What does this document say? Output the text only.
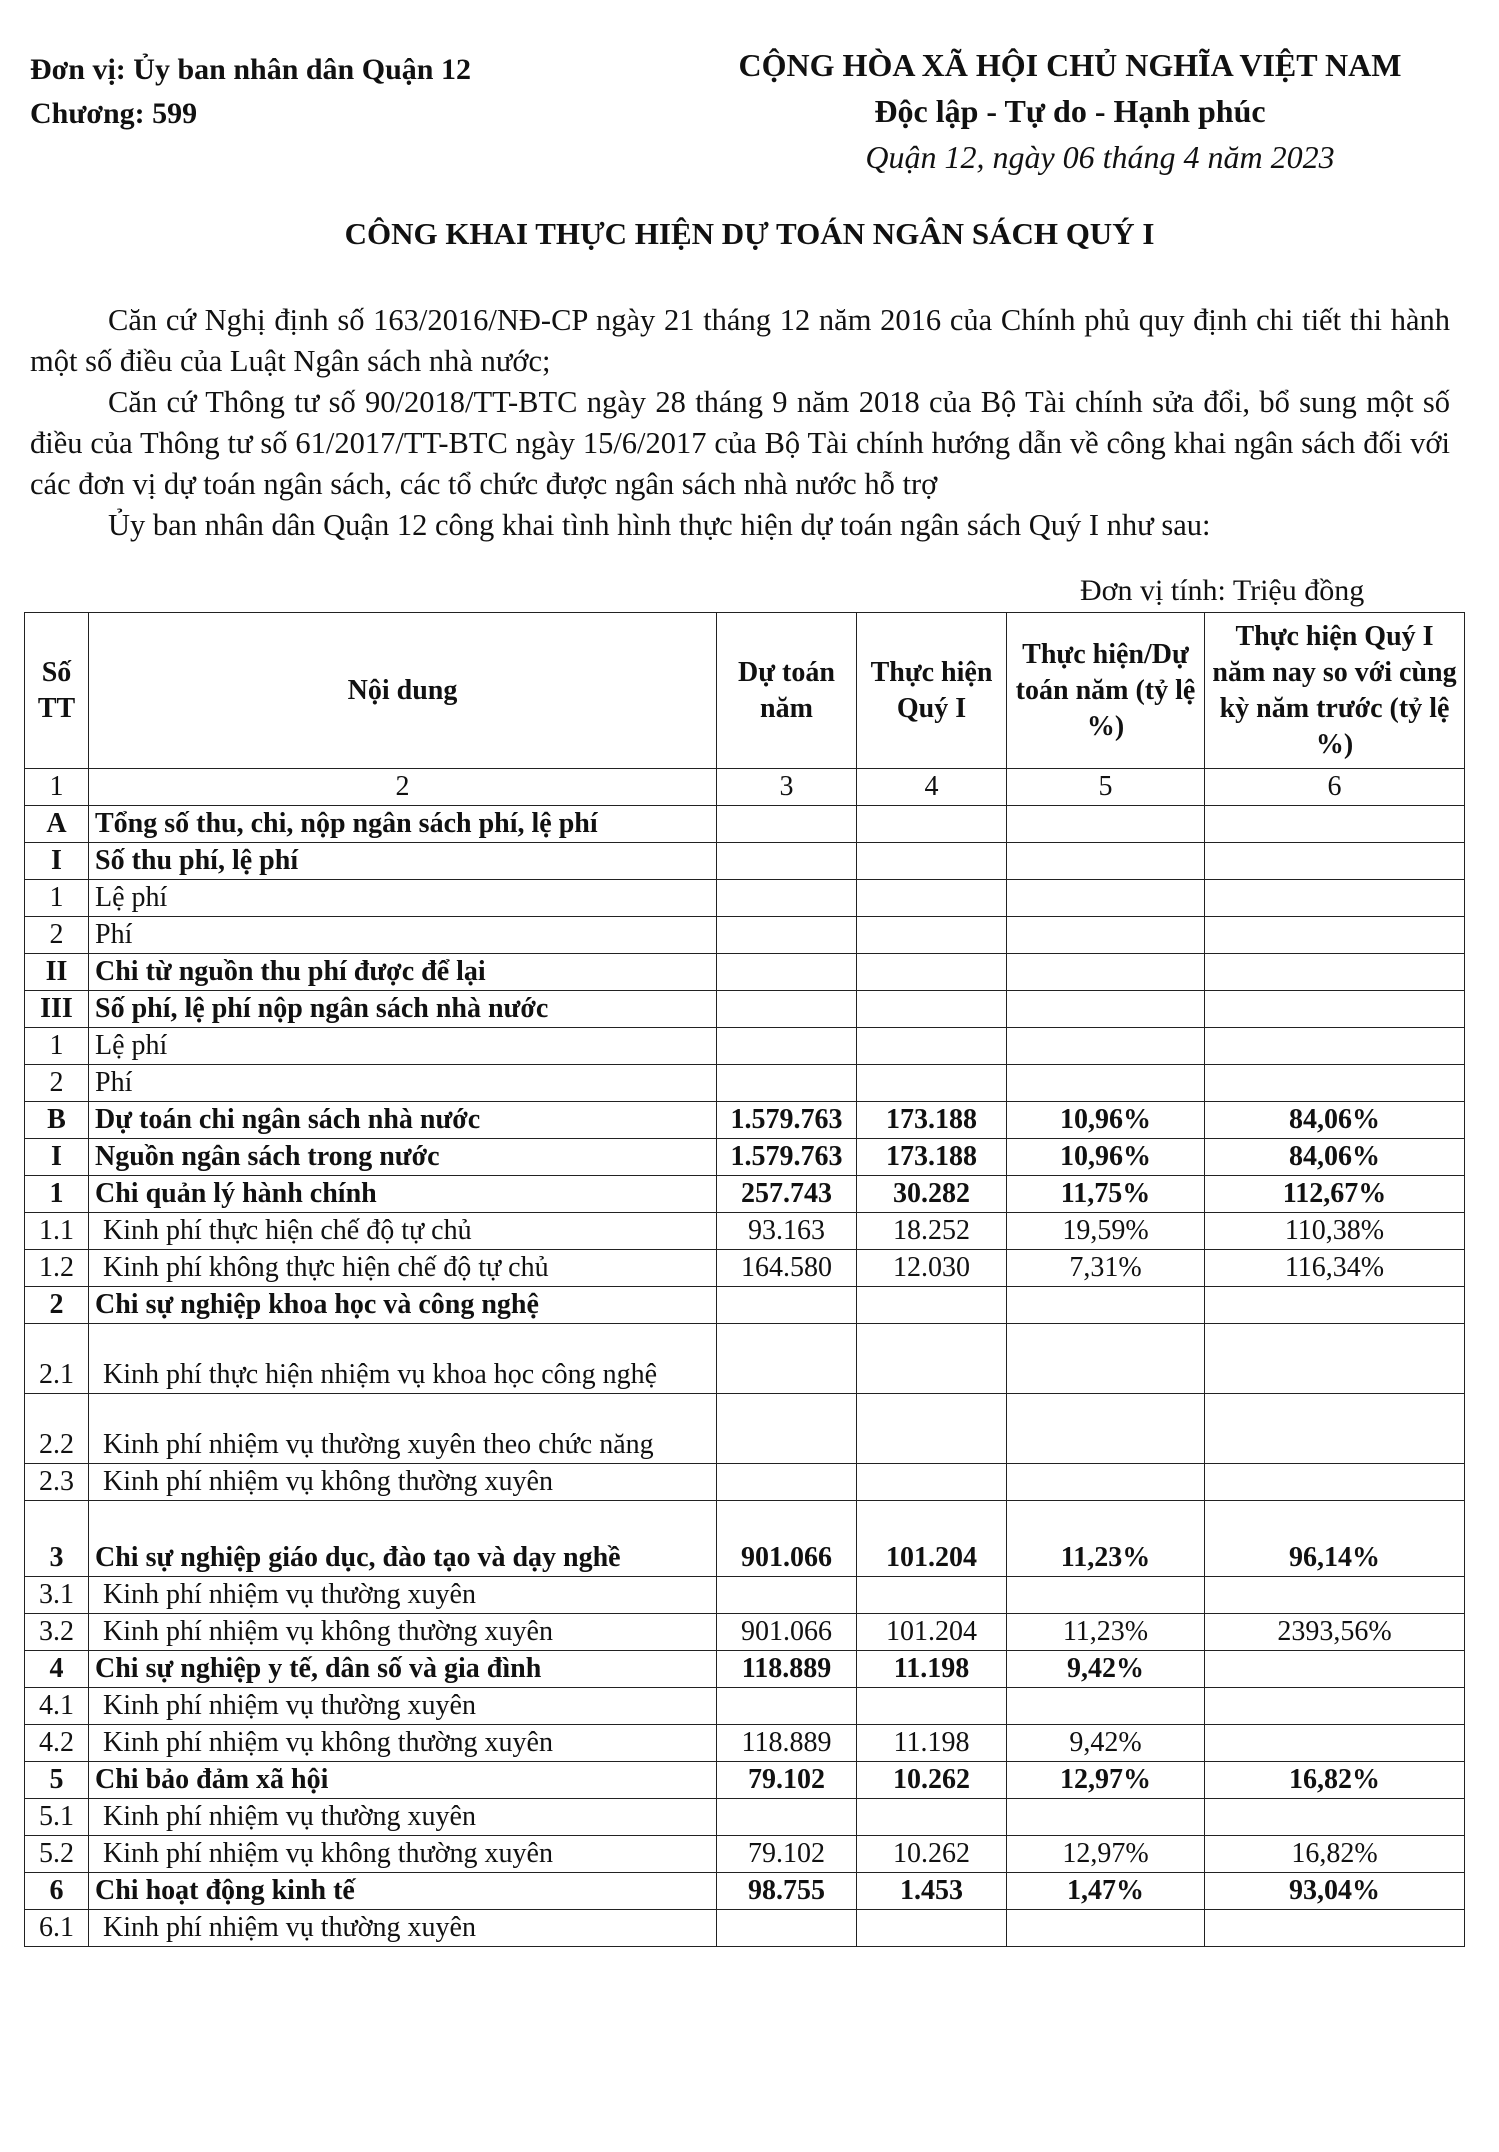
Đơn vị: Ủy ban nhân dân Quận 12
Chương: 599
CỘNG HÒA XÃ HỘI CHỦ NGHĨA VIỆT NAM
Độc lập - Tự do - Hạnh phúc
Quận 12, ngày 06 tháng 4 năm 2023
CÔNG KHAI THỰC HIỆN DỰ TOÁN NGÂN SÁCH QUÝ I
Căn cứ Nghị định số 163/2016/NĐ-CP ngày 21 tháng 12 năm 2016 của Chính phủ quy định chi tiết thi hành một số điều của Luật Ngân sách nhà nước;
Căn cứ Thông tư số 90/2018/TT-BTC ngày 28 tháng 9 năm 2018 của Bộ Tài chính sửa đổi, bổ sung một số điều của Thông tư số 61/2017/TT-BTC ngày 15/6/2017 của Bộ Tài chính hướng dẫn về công khai ngân sách đối với các đơn vị dự toán ngân sách, các tổ chức được ngân sách nhà nước hỗ trợ
Ủy ban nhân dân Quận 12 công khai tình hình thực hiện dự toán ngân sách Quý I như sau:
Đơn vị tính: Triệu đồng
Số TT	Nội dung	Dự toán năm	Thực hiện Quý I	Thực hiện/Dự toán năm (tỷ lệ %)	Thực hiện Quý I năm nay so với cùng kỳ năm trước (tỷ lệ %)
1	2	3	4	5	6
A	Tổng số thu, chi, nộp ngân sách phí, lệ phí				
I	Số thu phí, lệ phí				
1	Lệ phí				
2	Phí				
II	Chi từ nguồn thu phí được để lại				
III	Số phí, lệ phí nộp ngân sách nhà nước				
1	Lệ phí				
2	Phí				
B	Dự toán chi ngân sách nhà nước	1.579.763	173.188	10,96%	84,06%
I	Nguồn ngân sách trong nước	1.579.763	173.188	10,96%	84,06%
1	Chi quản lý hành chính	257.743	30.282	11,75%	112,67%
1.1	Kinh phí thực hiện chế độ tự chủ	93.163	18.252	19,59%	110,38%
1.2	Kinh phí không thực hiện chế độ tự chủ	164.580	12.030	7,31%	116,34%
2	Chi sự nghiệp khoa học và công nghệ				
2.1	Kinh phí thực hiện nhiệm vụ khoa học công nghệ				
2.2	Kinh phí nhiệm vụ thường xuyên theo chức năng				
2.3	Kinh phí nhiệm vụ không thường xuyên				
3	Chi sự nghiệp giáo dục, đào tạo và dạy nghề	901.066	101.204	11,23%	96,14%
3.1	Kinh phí nhiệm vụ thường xuyên				
3.2	Kinh phí nhiệm vụ không thường xuyên	901.066	101.204	11,23%	2393,56%
4	Chi sự nghiệp y tế, dân số và gia đình	118.889	11.198	9,42%	
4.1	Kinh phí nhiệm vụ thường xuyên				
4.2	Kinh phí nhiệm vụ không thường xuyên	118.889	11.198	9,42%	
5	Chi bảo đảm xã hội	79.102	10.262	12,97%	16,82%
5.1	Kinh phí nhiệm vụ thường xuyên				
5.2	Kinh phí nhiệm vụ không thường xuyên	79.102	10.262	12,97%	16,82%
6	Chi hoạt động kinh tế	98.755	1.453	1,47%	93,04%
6.1	Kinh phí nhiệm vụ thường xuyên				
